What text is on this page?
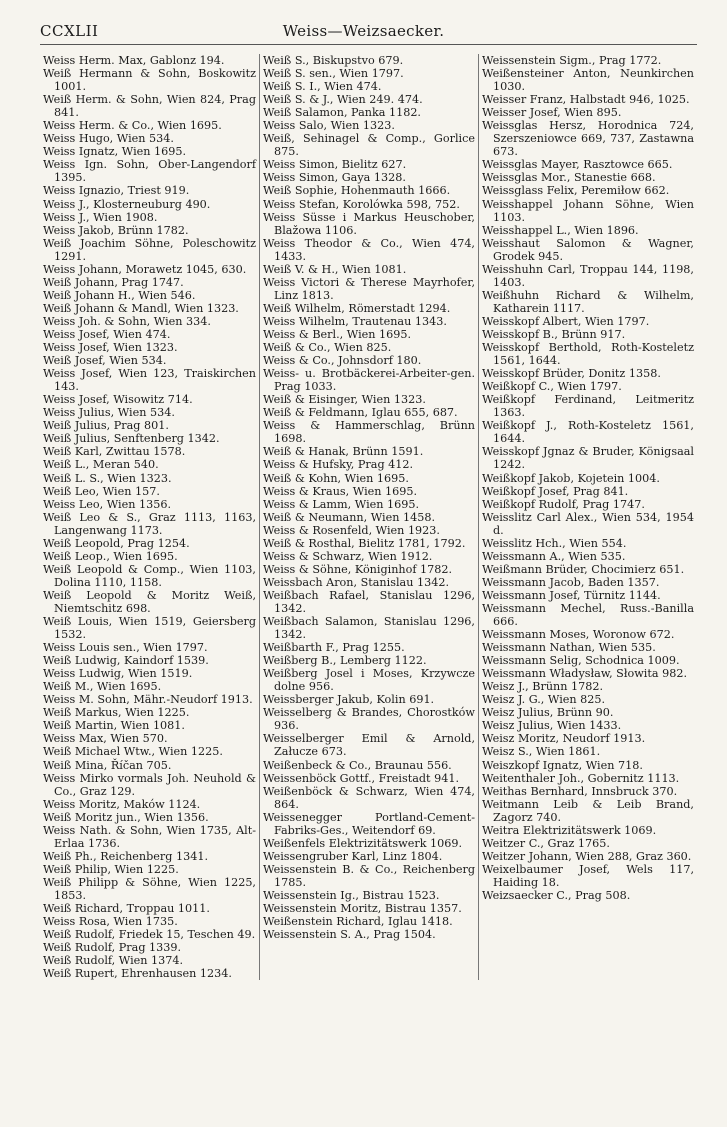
CCXLII	Weiss—Weizsaecker.
Weiss Herm. Max, Gablonz 194.
Weiß Hermann & Sohn, Boskowitz 1001.
Weiß Herm. & Sohn, Wien 824, Prag 841.
Weiss Herm. & Co., Wien 1695.
Weiss Hugo, Wien 534.
Weiss Ignatz, Wien 1695.
Weiss Ign. Sohn, Ober-Langendorf 1395.
Weiss Ignazio, Triest 919.
Weiss J., Klosterneuburg 490.
Weiss J., Wien 1908.
Weiss Jakob, Brünn 1782.
Weiß Joachim Söhne, Poleschowitz 1291.
Weiss Johann, Morawetz 1045, 630.
Weiß Johann, Prag 1747.
Weiß Johann H., Wien 546.
Weiß Johann & Mandl, Wien 1323.
Weiss Joh. & Sohn, Wien 334.
Weiss Josef, Wien 474.
Weiss Josef, Wien 1323.
Weiß Josef, Wien 534.
Weiss Josef, Wien 123, Traiskirchen 143.
Weiss Josef, Wisowitz 714.
Weiss Julius, Wien 534.
Weiß Julius, Prag 801.
Weiß Julius, Senftenberg 1342.
Weiß Karl, Zwittau 1578.
Weiß L., Meran 540.
Weiß L. S., Wien 1323.
Weiß Leo, Wien 157.
Weiss Leo, Wien 1356.
Weiß Leo & S., Graz 1113, 1163, Langenwang 1173.
Weiß Leopold, Prag 1254.
Weiß Leop., Wien 1695.
Weiß Leopold & Comp., Wien 1103, Dolina 1110, 1158.
Weiß Leopold & Moritz Weiß, Niemtschitz 698.
Weiß Louis, Wien 1519, Geiersberg 1532.
Weiss Louis sen., Wien 1797.
Weiß Ludwig, Kaindorf 1539.
Weiss Ludwig, Wien 1519.
Weiß M., Wien 1695.
Weiss M. Sohn, Mähr.-Neudorf 1913.
Weiß Markus, Wien 1225.
Weiß Martin, Wien 1081.
Weiss Max, Wien 570.
Weiß Michael Wtw., Wien 1225.
Weiß Mina, Říčan 705.
Weiss Mirko vormals Joh. Neuhold & Co., Graz 129.
Weiss Moritz, Maków 1124.
Weiß Moritz jun., Wien 1356.
Weiss Nath. & Sohn, Wien 1735, Alt-Erlaa 1736.
Weiß Ph., Reichenberg 1341.
Weiß Philip, Wien 1225.
Weiß Philipp & Söhne, Wien 1225, 1853.
Weiß Richard, Troppau 1011.
Weiss Rosa, Wien 1735.
Weiß Rudolf, Friedek 15, Teschen 49.
Weiß Rudolf, Prag 1339.
Weiß Rudolf, Wien 1374.
Weiß Rupert, Ehrenhausen 1234.
Weiß S., Biskupstvo 679.
Weiß S. sen., Wien 1797.
Weiß S. I., Wien 474.
Weiß S. & J., Wien 249. 474.
Weiß Salamon, Panka 1182.
Weiss Salo, Wien 1323.
Weiß, Sehinagel & Comp., Gorlice 875.
Weiss Simon, Bielitz 627.
Weiss Simon, Gaya 1328.
Weiß Sophie, Hohenmauth 1666.
Weiss Stefan, Korolówka 598, 752.
Weiss Süsse i Markus Heuschober, Blažowa 1106.
Weiss Theodor & Co., Wien 474, 1433.
Weiß V. & H., Wien 1081.
Weiss Victori & Therese Mayrhofer, Linz 1813.
Weiß Wilhelm, Römerstadt 1294.
Weiss Wilhelm, Trautenau 1343.
Weiss & Berl., Wien 1695.
Weiß & Co., Wien 825.
Weiss & Co., Johnsdorf 180.
Weiss- u. Brotbäckerei-Arbeiter-gen. Prag 1033.
Weiß & Eisinger, Wien 1323.
Weiß & Feldmann, Iglau 655, 687.
Weiss & Hammerschlag, Brünn 1698.
Weiß & Hanak, Brünn 1591.
Weiss & Hufsky, Prag 412.
Weiß & Kohn, Wien 1695.
Weiss & Kraus, Wien 1695.
Weiss & Lamm, Wien 1695.
Weiß & Neumann, Wien 1458.
Weiss & Rosenfeld, Wien 1923.
Weiß & Rosthal, Bielitz 1781, 1792.
Weiss & Schwarz, Wien 1912.
Weiss & Söhne, Königinhof 1782.
Weissbach Aron, Stanislau 1342.
Weißbach Rafael, Stanislau 1296, 1342.
Weißbach Salamon, Stanislau 1296, 1342.
Weißbarth F., Prag 1255.
Weißberg B., Lemberg 1122.
Weißberg Josel i Moses, Krzywcze dolne 956.
Weissberger Jakub, Kolin 691.
Weisselberg & Brandes, Chorostków 936.
Weisselberger Emil & Arnold, Załucze 673.
Weißenbeck & Co., Braunau 556.
Weissenböck Gottf., Freistadt 941.
Weißenböck & Schwarz, Wien 474, 864.
Weissenegger Portland-Cement-Fabriks-Ges., Weitendorf 69.
Weißenfels Elektrizitätswerk 1069.
Weissengruber Karl, Linz 1804.
Weissenstein B. & Co., Reichenberg 1785.
Weissenstein Ig., Bistrau 1523.
Weissenstein Moritz, Bistrau 1357.
Weißenstein Richard, Iglau 1418.
Weissenstein S. A., Prag 1504.
Weissenstein Sigm., Prag 1772.
Weißensteiner Anton, Neunkirchen 1030.
Weisser Franz, Halbstadt 946, 1025.
Weisser Josef, Wien 895.
Weissglas Hersz, Horodnica 724, Szerszeniowce 669, 737, Zastawna 673.
Weissglas Mayer, Rasztowce 665.
Weissglas Mor., Stanestie 668.
Weissglass Felix, Peremiłow 662.
Weisshappel Johann Söhne, Wien 1103.
Weisshappel L., Wien 1896.
Weisshaut Salomon & Wagner, Grodek 945.
Weisshuhn Carl, Troppau 144, 1198, 1403.
Weißhuhn Richard & Wilhelm, Katharein 1117.
Weisskopf Albert, Wien 1797.
Weisskopf B., Brünn 917.
Weisskopf Berthold, Roth-Kosteletz 1561, 1644.
Weisskopf Brüder, Donitz 1358.
Weißkopf C., Wien 1797.
Weißkopf Ferdinand, Leitmeritz 1363.
Weißkopf J., Roth-Kosteletz 1561, 1644.
Weisskopf Jgnaz & Bruder, Königsaal 1242.
Weißkopf Jakob, Kojetein 1004.
Weißkopf Josef, Prag 841.
Weißkopf Rudolf, Prag 1747.
Weisslitz Carl Alex., Wien 534, 1954 d.
Weisslitz Hch., Wien 554.
Weissmann A., Wien 535.
Weißmann Brüder, Chocimierz 651.
Weissmann Jacob, Baden 1357.
Weissmann Josef, Türnitz 1144.
Weissmann Mechel, Russ.-Banilla 666.
Weissmann Moses, Woronow 672.
Weissmann Nathan, Wien 535.
Weissmann Selig, Schodnica 1009.
Weissmann Władysław, Słowita 982.
Weisz J., Brünn 1782.
Weisz J. G., Wien 825.
Weisz Julius, Brünn 90.
Weisz Julius, Wien 1433.
Weisz Moritz, Neudorf 1913.
Weisz S., Wien 1861.
Weiszkopf Ignatz, Wien 718.
Weitenthaler Joh., Gobernitz 1113.
Weithas Bernhard, Innsbruck 370.
Weitmann Leib & Leib Brand, Zagorz 740.
Weitra Elektrizitätswerk 1069.
Weitzer C., Graz 1765.
Weitzer Johann, Wien 288, Graz 360.
Weixelbaumer Josef, Wels 117, Haiding 18.
Weizsaecker C., Prag 508.
